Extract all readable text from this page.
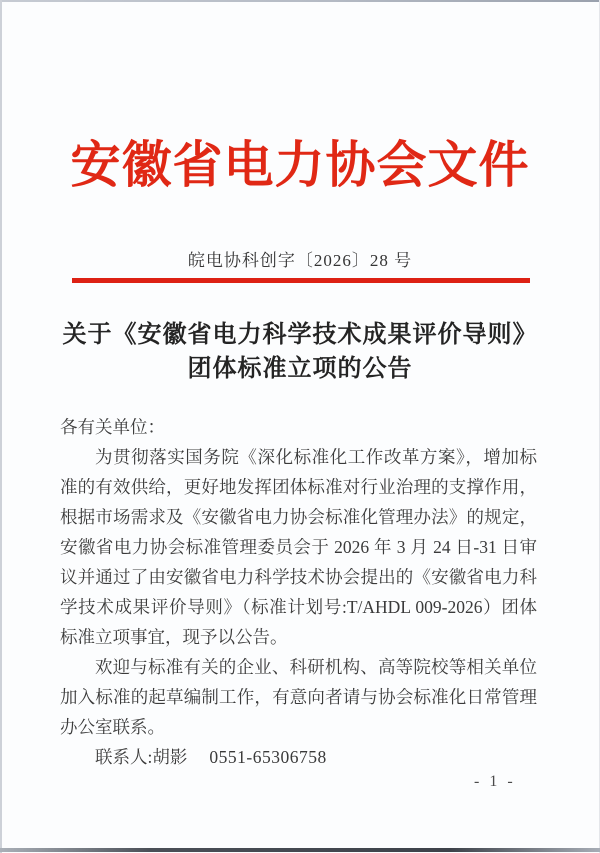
安徽省电力协会文件
皖电协科创字〔2026〕28 号
关于《安徽省电力科学技术成果评价导则》
团体标准立项的公告

各有关单位：

为贯彻落实国务院《深化标准化工作改革方案》，增加标准的有效供给，更好地发挥团体标准对行业治理的支撑作用，根据市场需求及《安徽省电力协会标准化管理办法》的规定，安徽省电力协会标准管理委员会于 2026 年 3 月 24 日-31 日审议并通过了由安徽省电力科学技术协会提出的《安徽省电力科学技术成果评价导则》（标准计划号:T/AHDL 009-2026）团体标准立项事宜，现予以公告。

欢迎与标准有关的企业、科研机构、高等院校等相关单位加入标准的起草编制工作，有意向者请与协会标准化日常管理办公室联系。

联系人:胡影 0551-65306758

- 1 -
